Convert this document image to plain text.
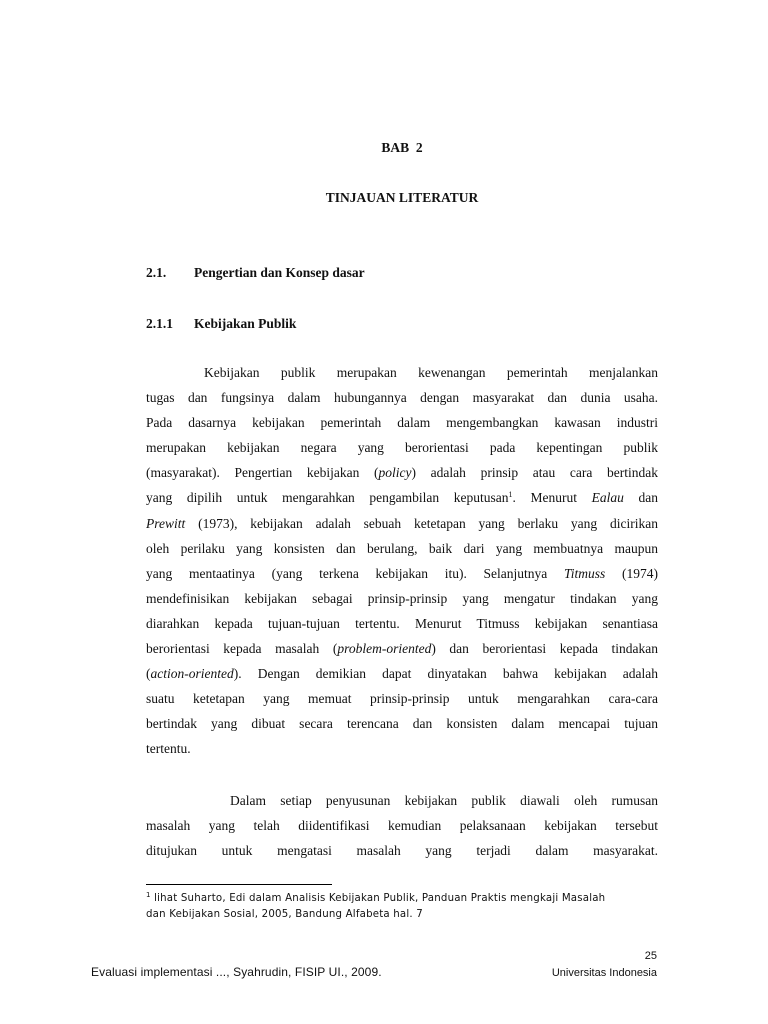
BAB  2
TINJAUAN LITERATUR
2.1. Pengertian dan Konsep dasar
2.1.1 Kebijakan Publik
Kebijakan publik merupakan kewenangan pemerintah menjalankan
tugas dan fungsinya dalam hubungannya dengan masyarakat dan dunia usaha.
Pada dasarnya kebijakan pemerintah dalam mengembangkan kawasan industri
merupakan kebijakan negara yang berorientasi pada kepentingan publik
(masyarakat). Pengertian kebijakan (policy) adalah prinsip atau cara bertindak
yang dipilih untuk mengarahkan pengambilan keputusan$^1$. Menurut Ealau dan
Prewitt (1973), kebijakan adalah sebuah ketetapan yang berlaku yang dicirikan
oleh perilaku yang konsisten dan berulang, baik dari yang membuatnya maupun
yang mentaatinya (yang terkena kebijakan itu). Selanjutnya Titmuss (1974)
mendefinisikan kebijakan sebagai prinsip-prinsip yang mengatur tindakan yang
diarahkan kepada tujuan-tujuan tertentu. Menurut Titmuss kebijakan senantiasa
berorientasi kepada masalah (problem-oriented) dan berorientasi kepada tindakan
(action-oriented). Dengan demikian dapat dinyatakan bahwa kebijakan adalah
suatu ketetapan yang memuat prinsip-prinsip untuk mengarahkan cara-cara
bertindak yang dibuat secara terencana dan konsisten dalam mencapai tujuan
tertentu.
Dalam setiap penyusunan kebijakan publik diawali oleh rumusan
masalah yang telah diidentifikasi kemudian pelaksanaan kebijakan tersebut
ditujukan untuk mengatasi masalah yang terjadi dalam masyarakat.
$^1$ lihat Suharto, Edi dalam Analisis Kebijakan Publik, Panduan Praktis mengkaji Masalah
dan Kebijakan Sosial, 2005, Bandung Alfabeta hal. 7
25
Evaluasi implementasi ..., Syahrudin, FISIP UI., 2009.	Universitas Indonesia
